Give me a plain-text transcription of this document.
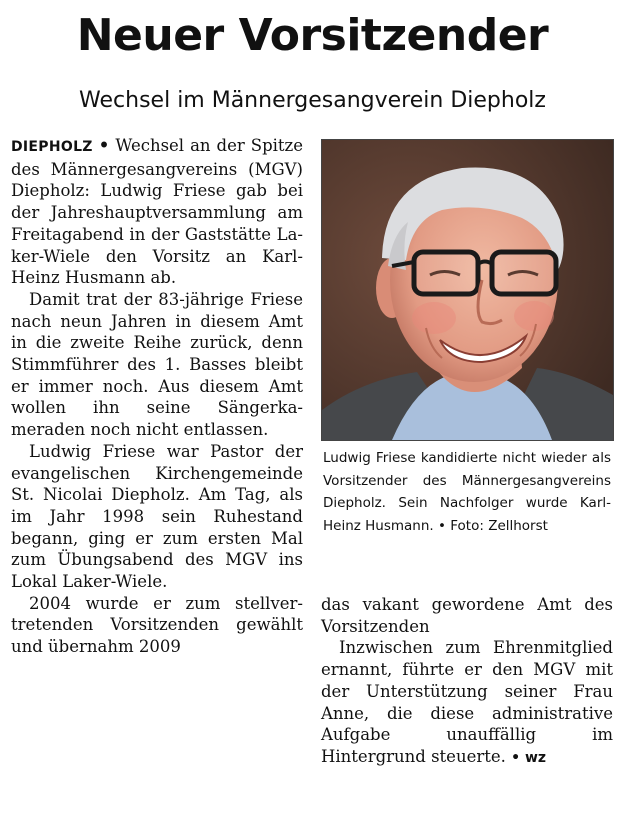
Neuer Vorsitzender
Wechsel im Männergesangverein Diepholz

DIEPHOLZ • Wechsel an der Spitze des Männergesangvereins (MGV) Diepholz: Ludwig Friese gab bei der Jahreshauptversammlung am Freitagabend in der Gaststätte Laker-Wiele den Vorsitz an Karl-Heinz Husmann ab.

Damit trat der 83-jährige Friese nach neun Jahren in diesem Amt in die zweite Reihe zurück, denn Stimmführer des 1. Basses bleibt er immer noch. Aus diesem Amt wollen ihn seine Sängerkameraden noch nicht entlassen.

Ludwig Friese war Pastor der evangelischen Kirchengemeinde St. Nicolai Diepholz. Am Tag, als im Jahr 1998 sein Ruhestand begann, ging er zum ersten Mal zum Übungsabend des MGV ins Lokal Laker-Wiele.

2004 wurde er zum stellvertretenden Vorsitzenden gewählt und übernahm 2009

Ludwig Friese kandidierte nicht wieder als Vorsitzender des Männergesangvereins Diepholz. Sein Nachfolger wurde Karl-Heinz Husmann. • Foto: Zellhorst

das vakant gewordene Amt des Vorsitzenden

Inzwischen zum Ehrenmitglied ernannt, führte er den MGV mit der Unterstützung seiner Frau Anne, die diese administrative Aufgabe unauffällig im Hintergrund steuerte. • wz
